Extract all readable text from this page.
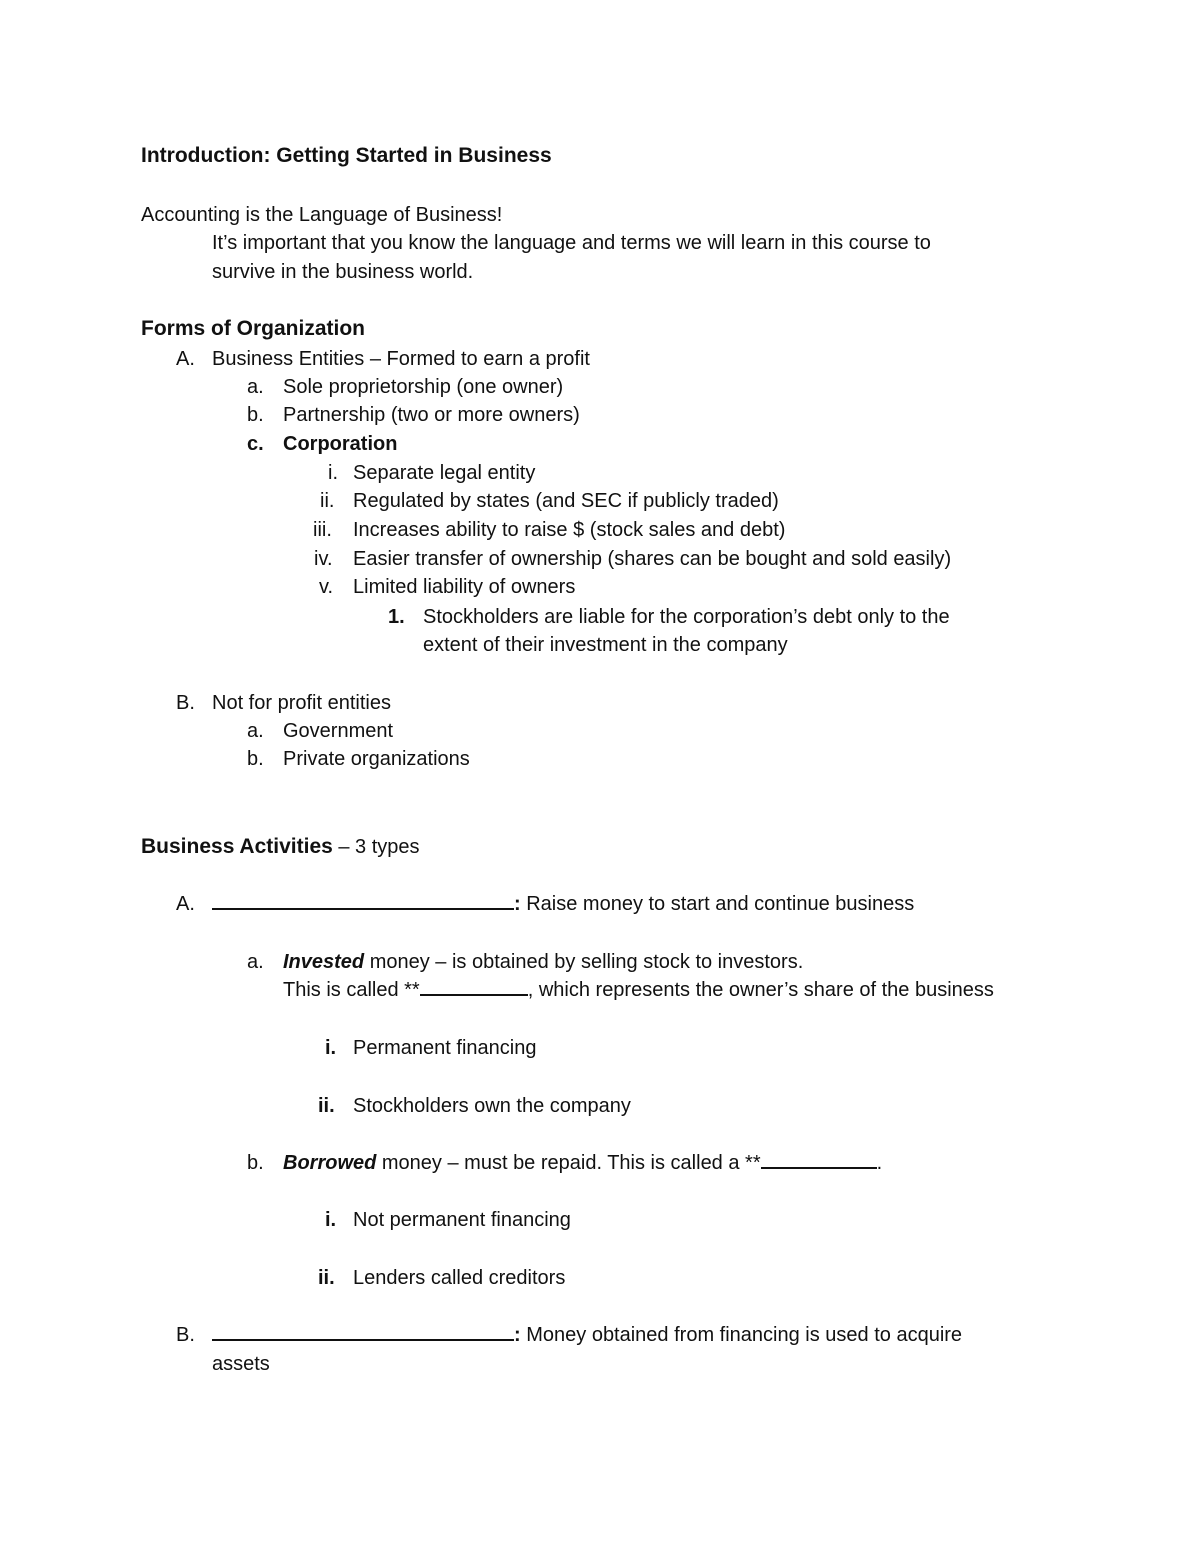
Introduction: Getting Started in Business
Accounting is the Language of Business!
It’s important that you know the language and terms we will learn in this course to
survive in the business world.
Forms of Organization
A. Business Entities – Formed to earn a profit
a. Sole proprietorship (one owner)
b. Partnership (two or more owners)
c. Corporation
i. Separate legal entity
ii. Regulated by states (and SEC if publicly traded)
iii. Increases ability to raise $ (stock sales and debt)
iv. Easier transfer of ownership (shares can be bought and sold easily)
v. Limited liability of owners
1. Stockholders are liable for the corporation’s debt only to the
extent of their investment in the company
B. Not for profit entities
a. Government
b. Private organizations
Business Activities – 3 types
A.	: Raise money to start and continue business
a. Invested money – is obtained by selling stock to investors.
This is called **	, which represents the owner’s share of the business
i. Permanent financing
ii. Stockholders own the company
b. Borrowed money – must be repaid. This is called a **	.
i. Not permanent financing
ii. Lenders called creditors
B.	: Money obtained from financing is used to acquire
assets
